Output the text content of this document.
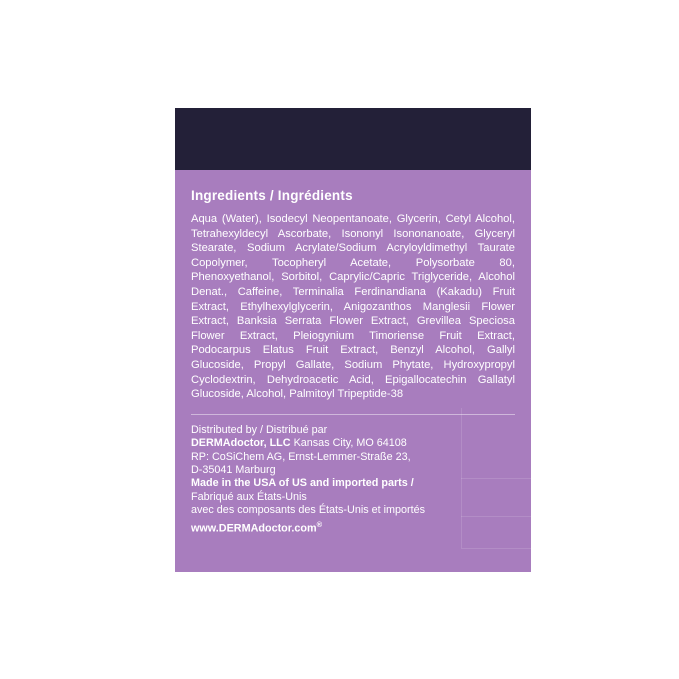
Ingredients / Ingrédients

Aqua (Water), Isodecyl Neopentanoate, Glycerin, Cetyl Alcohol, Tetrahexyldecyl Ascorbate, Isononyl Isononanoate, Glyceryl Stearate, Sodium Acrylate/Sodium Acryloyldimethyl Taurate Copolymer, Tocopheryl Acetate, Polysorbate 80, Phenoxyethanol, Sorbitol, Caprylic/Capric Triglyceride, Alcohol Denat., Caffeine, Terminalia Ferdinandiana (Kakadu) Fruit Extract, Ethylhexylglycerin, Anigozanthos Manglesii Flower Extract, Banksia Serrata Flower Extract, Grevillea Speciosa Flower Extract, Pleiogynium Timoriense Fruit Extract, Podocarpus Elatus Fruit Extract, Benzyl Alcohol, Gallyl Glucoside, Propyl Gallate, Sodium Phytate, Hydroxypropyl Cyclodextrin, Dehydroacetic Acid, Epigallocatechin Gallatyl Glucoside, Alcohol, Palmitoyl Tripeptide-38

Distributed by / Distribué par
DERMAdoctor, LLC Kansas City, MO 64108
RP: CoSiChem AG, Ernst-Lemmer-Straße 23,
D-35041 Marburg
Made in the USA of US and imported parts /
Fabriqué aux États-Unis
avec des composants des États-Unis et importés
www.DERMAdoctor.com®
